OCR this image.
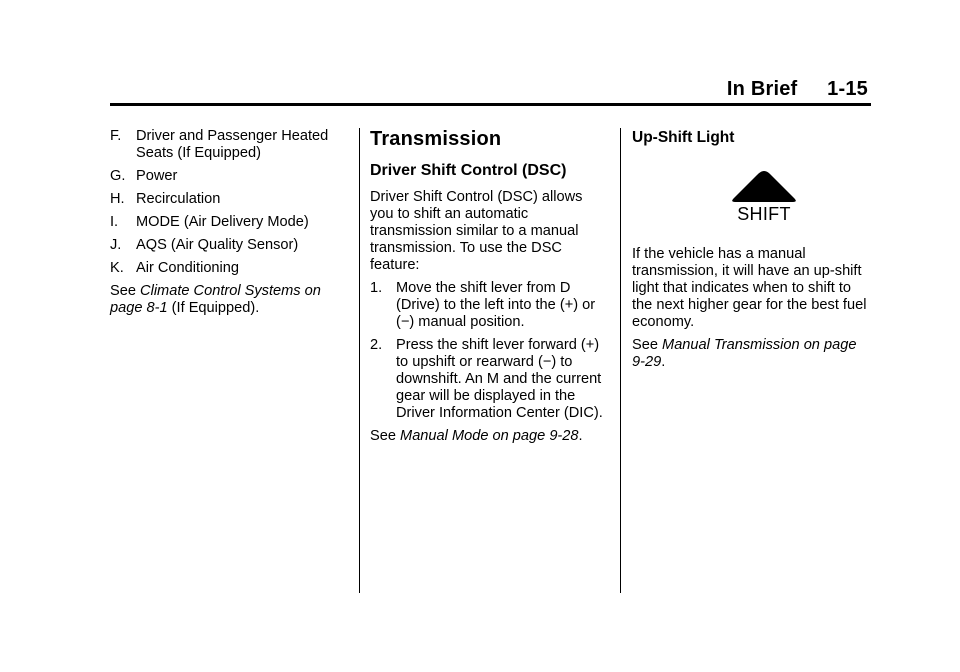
In Brief 1-15
F. Driver and Passenger Heated Seats (If Equipped)
G. Power
H. Recirculation
I. MODE (Air Delivery Mode)
J. AQS (Air Quality Sensor)
K. Air Conditioning

See Climate Control Systems on page 8-1 (If Equipped).

Transmission
Driver Shift Control (DSC)

Driver Shift Control (DSC) allows you to shift an automatic transmission similar to a manual transmission. To use the DSC feature:

1. Move the shift lever from D (Drive) to the left into the (+) or (−) manual position.
2. Press the shift lever forward (+) to upshift or rearward (−) to downshift. An M and the current gear will be displayed in the Driver Information Center (DIC).

See Manual Mode on page 9-28.

Up-Shift Light
SHIFT

If the vehicle has a manual transmission, it will have an up-shift light that indicates when to shift to the next higher gear for the best fuel economy.

See Manual Transmission on page 9-29.
